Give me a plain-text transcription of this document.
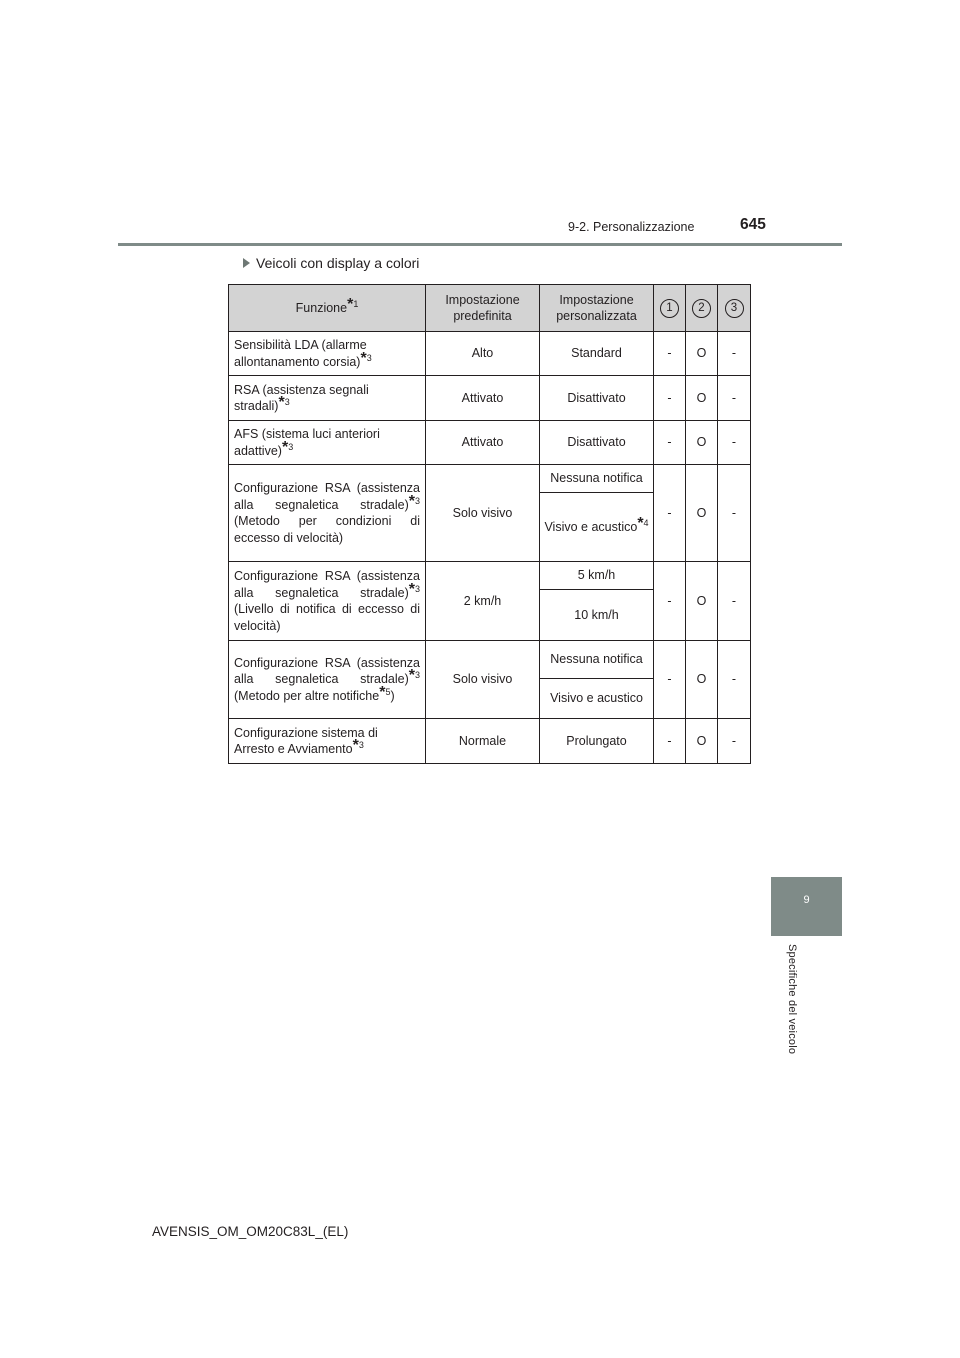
9-2. Personalizzazione	645
Veicoli con display a colori
Funzione$^{*1}$	Impostazione predefinita	Impostazione personalizzata	1	2	3
Sensibilità LDA (allarme allontanamento corsia)$^{*3}$	Alto	Standard	-	O	-
RSA (assistenza segnali stradali)$^{*3}$	Attivato	Disattivato	-	O	-
AFS (sistema luci anteriori adattive)$^{*3}$	Attivato	Disattivato	-	O	-
Configurazione RSA (assistenza alla segnaletica stradale)$^{*3}$ (Metodo per condizioni di eccesso di velocità)	Solo visivo	Nessuna notifica	-	O	-
		Visivo e acustico$^{*4}$
Configurazione RSA (assistenza alla segnaletica stradale)$^{*3}$ (Livello di notifica di eccesso di velocità)	2 km/h	5 km/h	-	O	-
		10 km/h			
Configurazione RSA (assistenza alla segnaletica stradale)$^{*3}$ (Metodo per altre notifiche$^{*5}$)	Solo visivo	Nessuna notifica	-	O	-
		Visivo e acustico			
Configurazione sistema di Arresto e Avviamento$^{*3}$	Normale	Prolungato	-	O	-
9
Specifiche del veicolo
AVENSIS_OM_OM20C83L_(EL)
